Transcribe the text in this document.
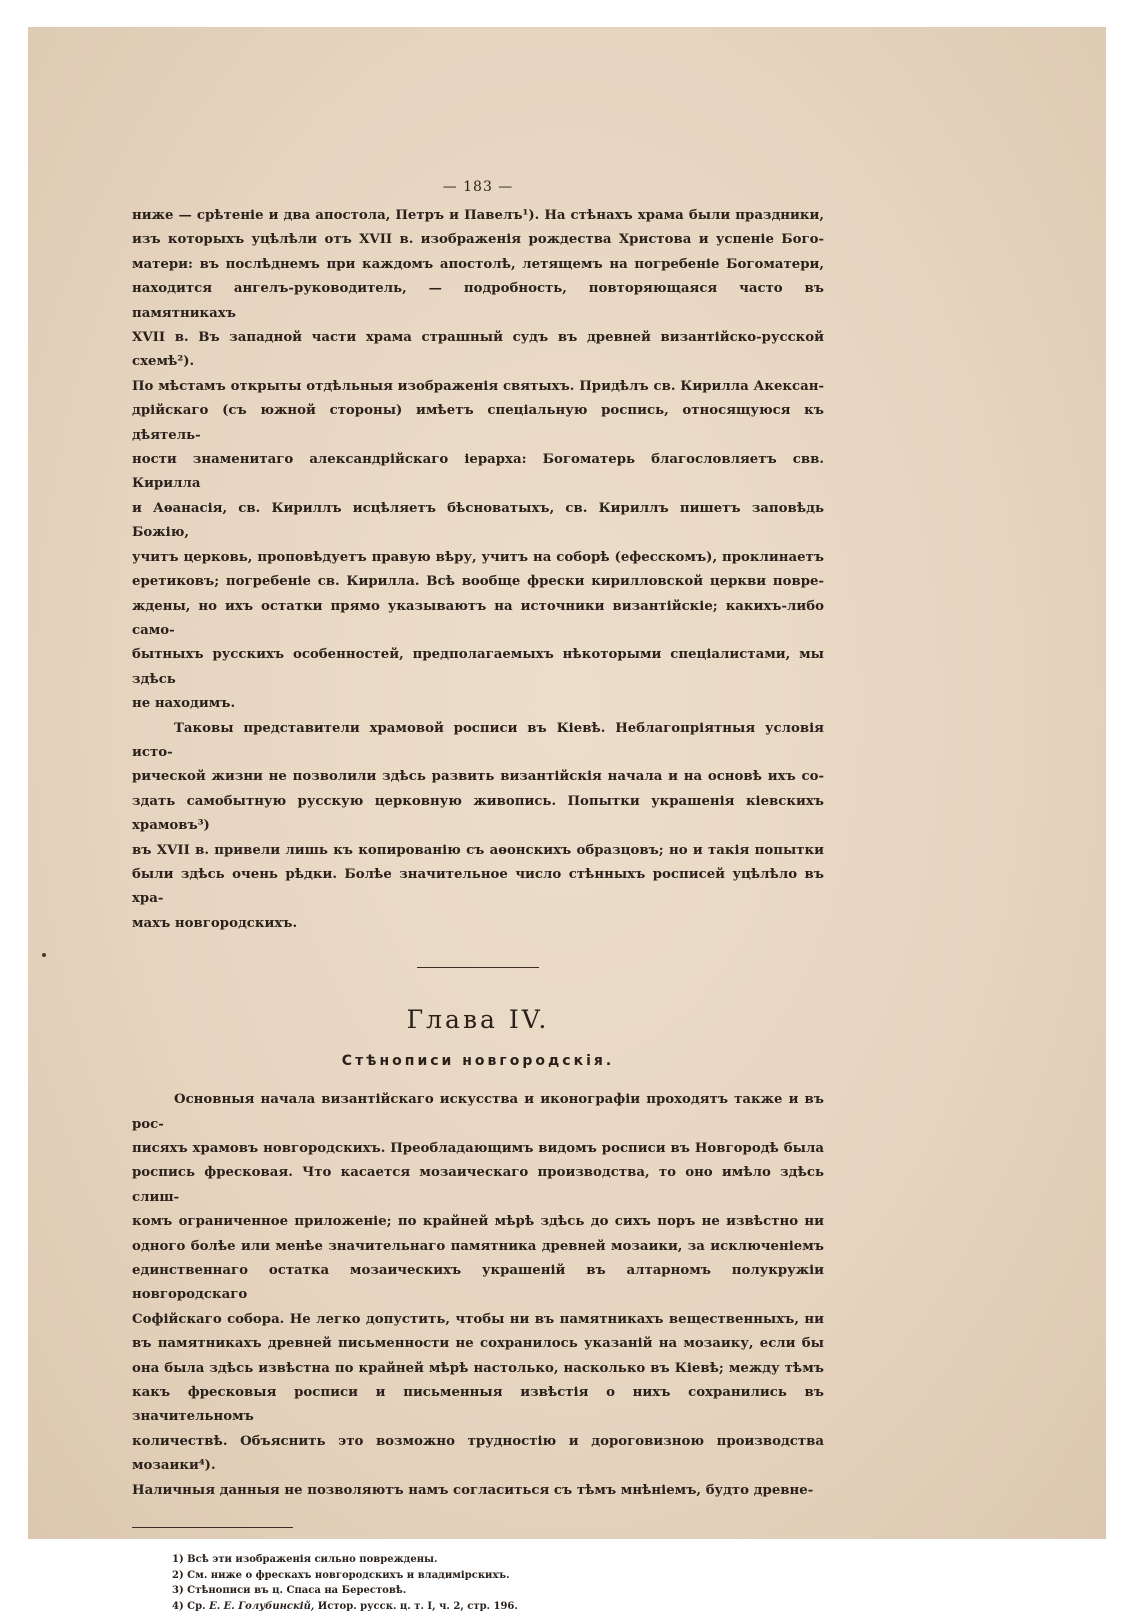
— 183 —
ниже — срѣтеніе и два апостола, Петръ и Павелъ¹). На стѣнахъ храма были праздники,
изъ которыхъ уцѣлѣли отъ XVII в. изображенія рождества Христова и успеніе Бого-
матери: въ послѣднемъ при каждомъ апостолѣ, летящемъ на погребеніе Богоматери,
находится ангелъ-руководитель, — подробность, повторяющаяся часто въ памятникахъ
XVII в. Въ западной части храма страшный судъ въ древней византійско-русской схемѣ²).
По мѣстамъ открыты отдѣльныя изображенія святыхъ. Придѣлъ св. Кирилла Акексан-
дрійскаго (съ южной стороны) имѣетъ спеціальную роспись, относящуюся къ дѣятель-
ности знаменитаго александрійскаго іерарха: Богоматерь благословляетъ свв. Кирилла
и Аѳанасія, св. Кириллъ исцѣляетъ бѣсноватыхъ, св. Кириллъ пишетъ заповѣдь Божію,
учитъ церковь, проповѣдуетъ правую вѣру, учитъ на соборѣ (ефесскомъ), проклинаетъ
еретиковъ; погребеніе св. Кирилла. Всѣ вообще фрески кирилловской церкви повре-
ждены, но ихъ остатки прямо указываютъ на источники византійскіе; какихъ-либо само-
бытныхъ русскихъ особенностей, предполагаемыхъ нѣкоторыми спеціалистами, мы здѣсь
не находимъ.
Таковы представители храмовой росписи въ Кіевѣ. Неблагопріятныя условія исто-
рической жизни не позволили здѣсь развить византійскія начала и на основѣ ихъ со-
здать самобытную русскую церковную живопись. Попытки украшенія кіевскихъ храмовъ³)
въ XVII в. привели лишь къ копированію съ аѳонскихъ образцовъ; но и такія попытки
были здѣсь очень рѣдки. Болѣе значительное число стѣнныхъ росписей уцѣлѣло въ хра-
махъ новгородскихъ.
Глава IV.
Стѣнописи новгородскія.
Основныя начала византійскаго искусства и иконографіи проходятъ также и въ рос-
писяхъ храмовъ новгородскихъ. Преобладающимъ видомъ росписи въ Новгородѣ была
роспись фресковая. Что касается мозаическаго производства, то оно имѣло здѣсь слиш-
комъ ограниченное приложеніе; по крайней мѣрѣ здѣсь до сихъ поръ не извѣстно ни
одного болѣе или менѣе значительнаго памятника древней мозаики, за исключеніемъ
единственнаго остатка мозаическихъ украшеній въ алтарномъ полукружіи новгородскаго
Софійскаго собора. Не легко допустить, чтобы ни въ памятникахъ вещественныхъ, ни
въ памятникахъ древней письменности не сохранилось указаній на мозаику, если бы
она была здѣсь извѣстна по крайней мѣрѣ настолько, насколько въ Кіевѣ; между тѣмъ
какъ фресковыя росписи и письменныя извѣстія о нихъ сохранились въ значительномъ
количествѣ. Объяснить это возможно трудностію и дороговизною производства мозаики⁴).
Наличныя данныя не позволяютъ намъ согласиться съ тѣмъ мнѣніемъ, будто древне-
1) Всѣ эти изображенія сильно повреждены.
2) См. ниже о фрескахъ новгородскихъ и владимірскихъ.
3) Стѣнописи въ ц. Спаса на Берестовѣ.
4) Ср. Е. Е. Голубинскій, Истор. русск. ц. т. I, ч. 2, стр. 196.
